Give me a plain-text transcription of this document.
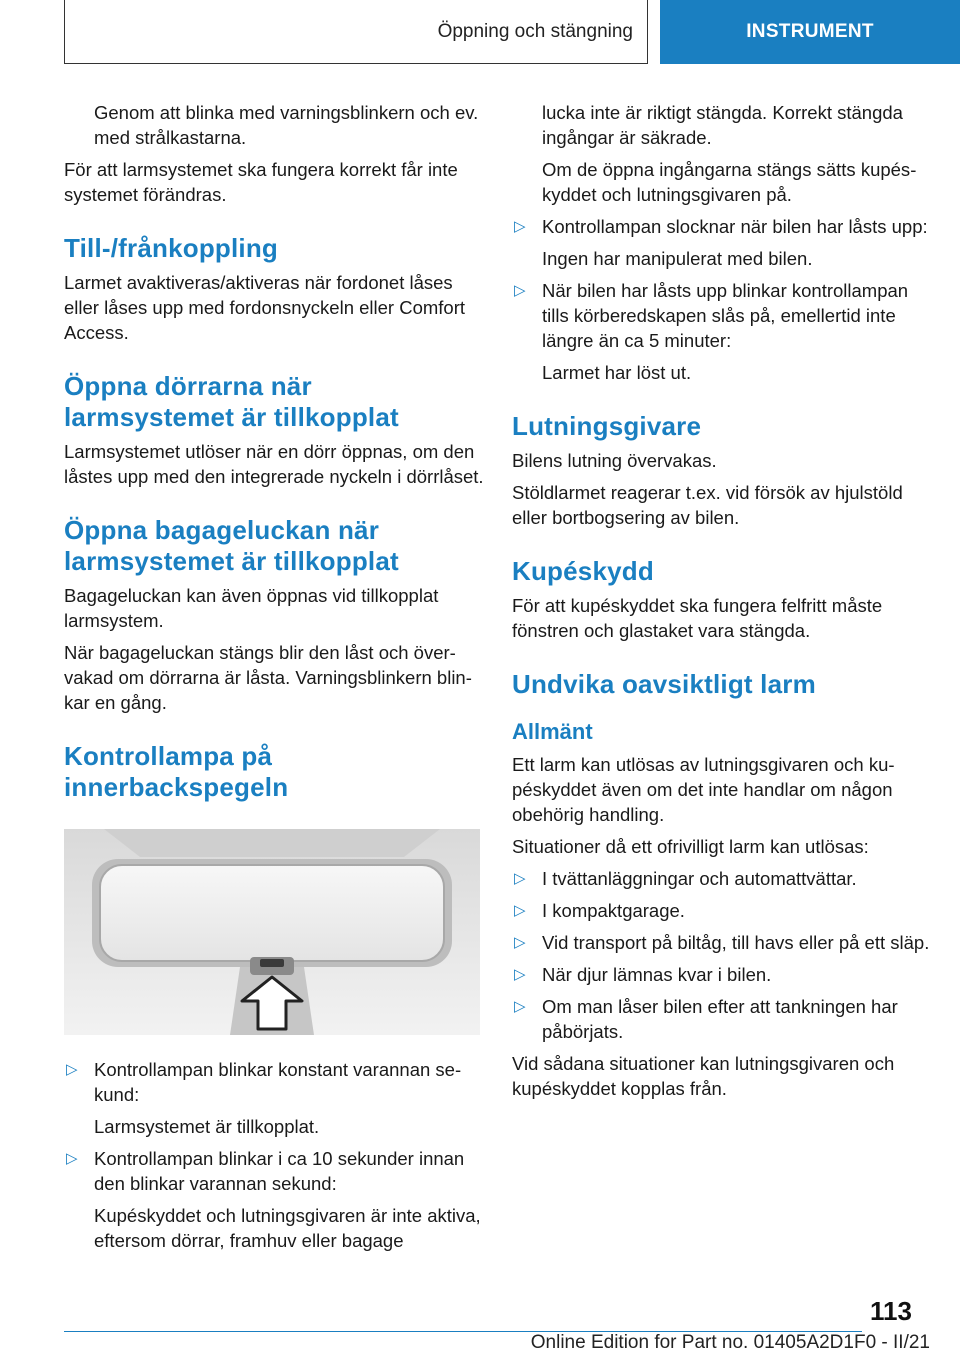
Öppning och stängning	INSTRUMENT

Genom att blinka med varningsblinkern och ev. med strålkastarna.

För att larmsystemet ska fungera korrekt får inte systemet förändras.

Till-/frånkoppling

Larmet avaktiveras/aktiveras när fordonet låses eller låses upp med fordonsnyckeln eller Comfort Access.

Öppna dörrarna när larmsystemet är tillkopplat

Larmsystemet utlöser när en dörr öppnas, om den låstes upp med den integrerade nyckeln i dörrlåset.

Öppna bagageluckan när larmsystemet är tillkopplat

Bagageluckan kan även öppnas vid tillkopplat larmsystem.

När bagageluckan stängs blir den låst och övervakad om dörrarna är låsta. Varningsblinkern blinkar en gång.

Kontrollampa på innerbackspegeln
▷ Kontrollampan blinkar konstant varannan sekund:
Larmsystemet är tillkopplat.
▷ Kontrollampan blinkar i ca 10 sekunder innan den blinkar varannan sekund:
Kupéskyddet och lutningsgivaren är inte aktiva, eftersom dörrar, framhuv eller bagage

lucka inte är riktigt stängda. Korrekt stängda ingångar är säkrade.

Om de öppna ingångarna stängs sätts kupéskyddet och lutningsgivaren på.

▷ Kontrollampan slocknar när bilen har låsts upp:
Ingen har manipulerat med bilen.
▷ När bilen har låsts upp blinkar kontrollampan tills körberedskapen slås på, emellertid inte längre än ca 5 minuter:
Larmet har löst ut.
Lutningsgivare

Bilens lutning övervakas.

Stöldlarmet reagerar t.ex. vid försök av hjulstöld eller bortbogsering av bilen.

Kupéskydd

För att kupéskyddet ska fungera felfritt måste fönstren och glastaket vara stängda.

Undvika oavsiktligt larm
Allmänt

Ett larm kan utlösas av lutningsgivaren och kupéskyddet även om det inte handlar om någon obehörig handling.

Situationer då ett ofrivilligt larm kan utlösas:

▷ I tvättanläggningar och automattvättar.
▷ I kompaktgarage.
▷ Vid transport på biltåg, till havs eller på ett släp.
▷ När djur lämnas kvar i bilen.
▷ Om man låser bilen efter att tankningen har påbörjats.

Vid sådana situationer kan lutningsgivaren och kupéskyddet kopplas från.

113
Online Edition for Part no. 01405A2D1F0 - II/21
